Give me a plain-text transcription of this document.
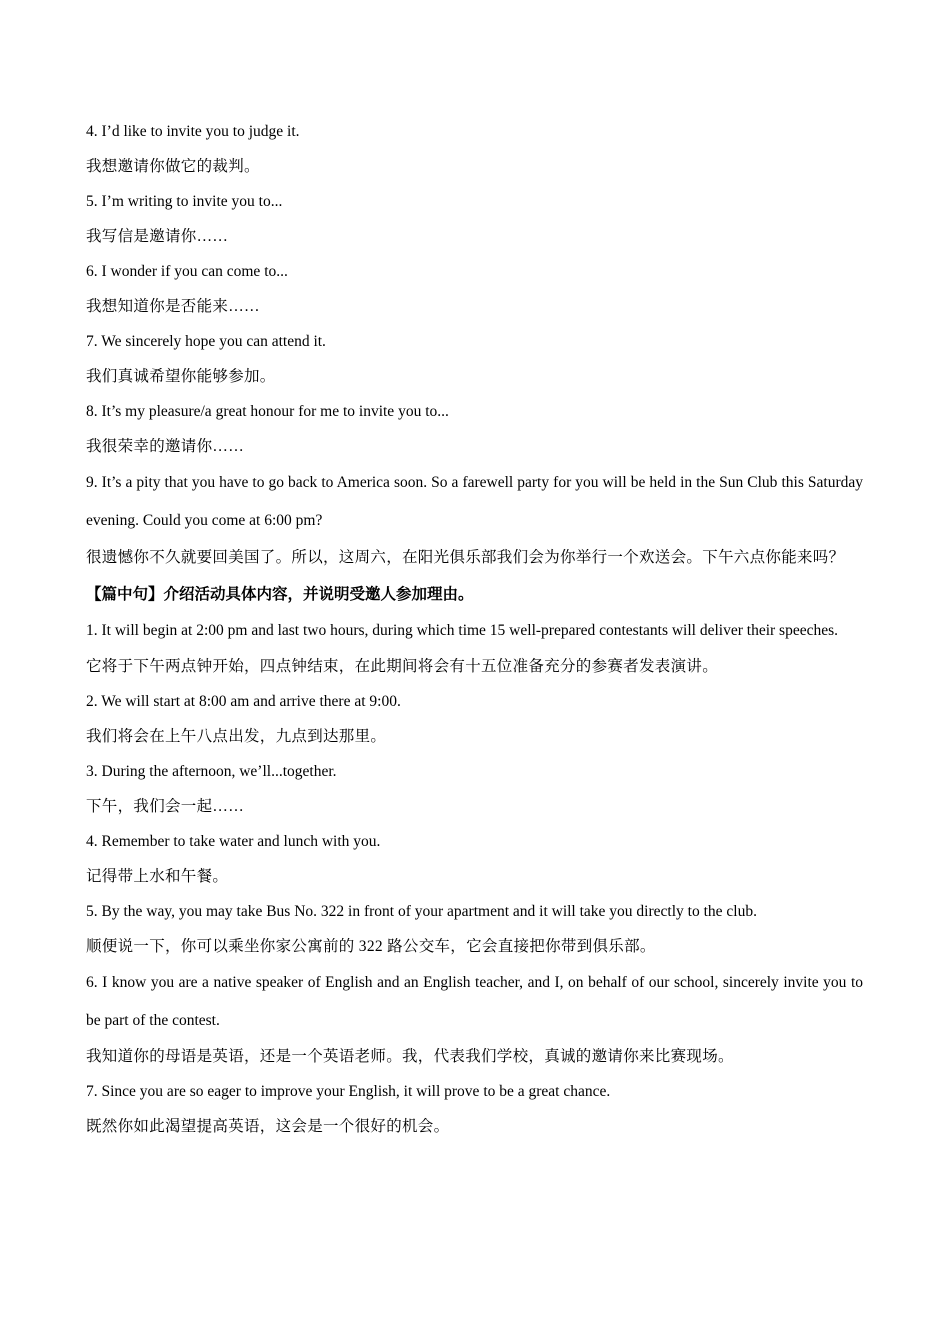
4. I’d like to invite you to judge it.

我想邀请你做它的裁判。

5. I’m writing to invite you to...

我写信是邀请你……

6. I wonder if you can come to...

我想知道你是否能来……

7. We sincerely hope you can attend it.

我们真诚希望你能够参加。

8. It’s my pleasure/a great honour for me to invite you to...

我很荣幸的邀请你……

9. It’s a pity that you have to go back to America soon. So a farewell party for you will be held in the Sun Club this Saturday evening. Could you come at 6:00 pm?

很遗憾你不久就要回美国了。所以，这周六，在阳光俱乐部我们会为你举行一个欢送会。下午六点你能来吗？

【篇中句】介绍活动具体内容，并说明受邀人参加理由。

1. It will begin at 2:00 pm and last two hours, during which time 15 well-prepared contestants will deliver their speeches.

它将于下午两点钟开始，四点钟结束，在此期间将会有十五位准备充分的参赛者发表演讲。

2. We will start at 8:00 am and arrive there at 9:00.

我们将会在上午八点出发，九点到达那里。

3. During the afternoon, we’ll...together.

下午，我们会一起……

4. Remember to take water and lunch with you.

记得带上水和午餐。

5. By the way, you may take Bus No. 322 in front of your apartment and it will take you directly to the club.

顺便说一下，你可以乘坐你家公寓前的 322 路公交车，它会直接把你带到俱乐部。

6. I know you are a native speaker of English and an English teacher, and I, on behalf of our school, sincerely invite you to be part of the contest.

我知道你的母语是英语，还是一个英语老师。我，代表我们学校，真诚的邀请你来比赛现场。

7. Since you are so eager to improve your English, it will prove to be a great chance.

既然你如此渴望提高英语，这会是一个很好的机会。
